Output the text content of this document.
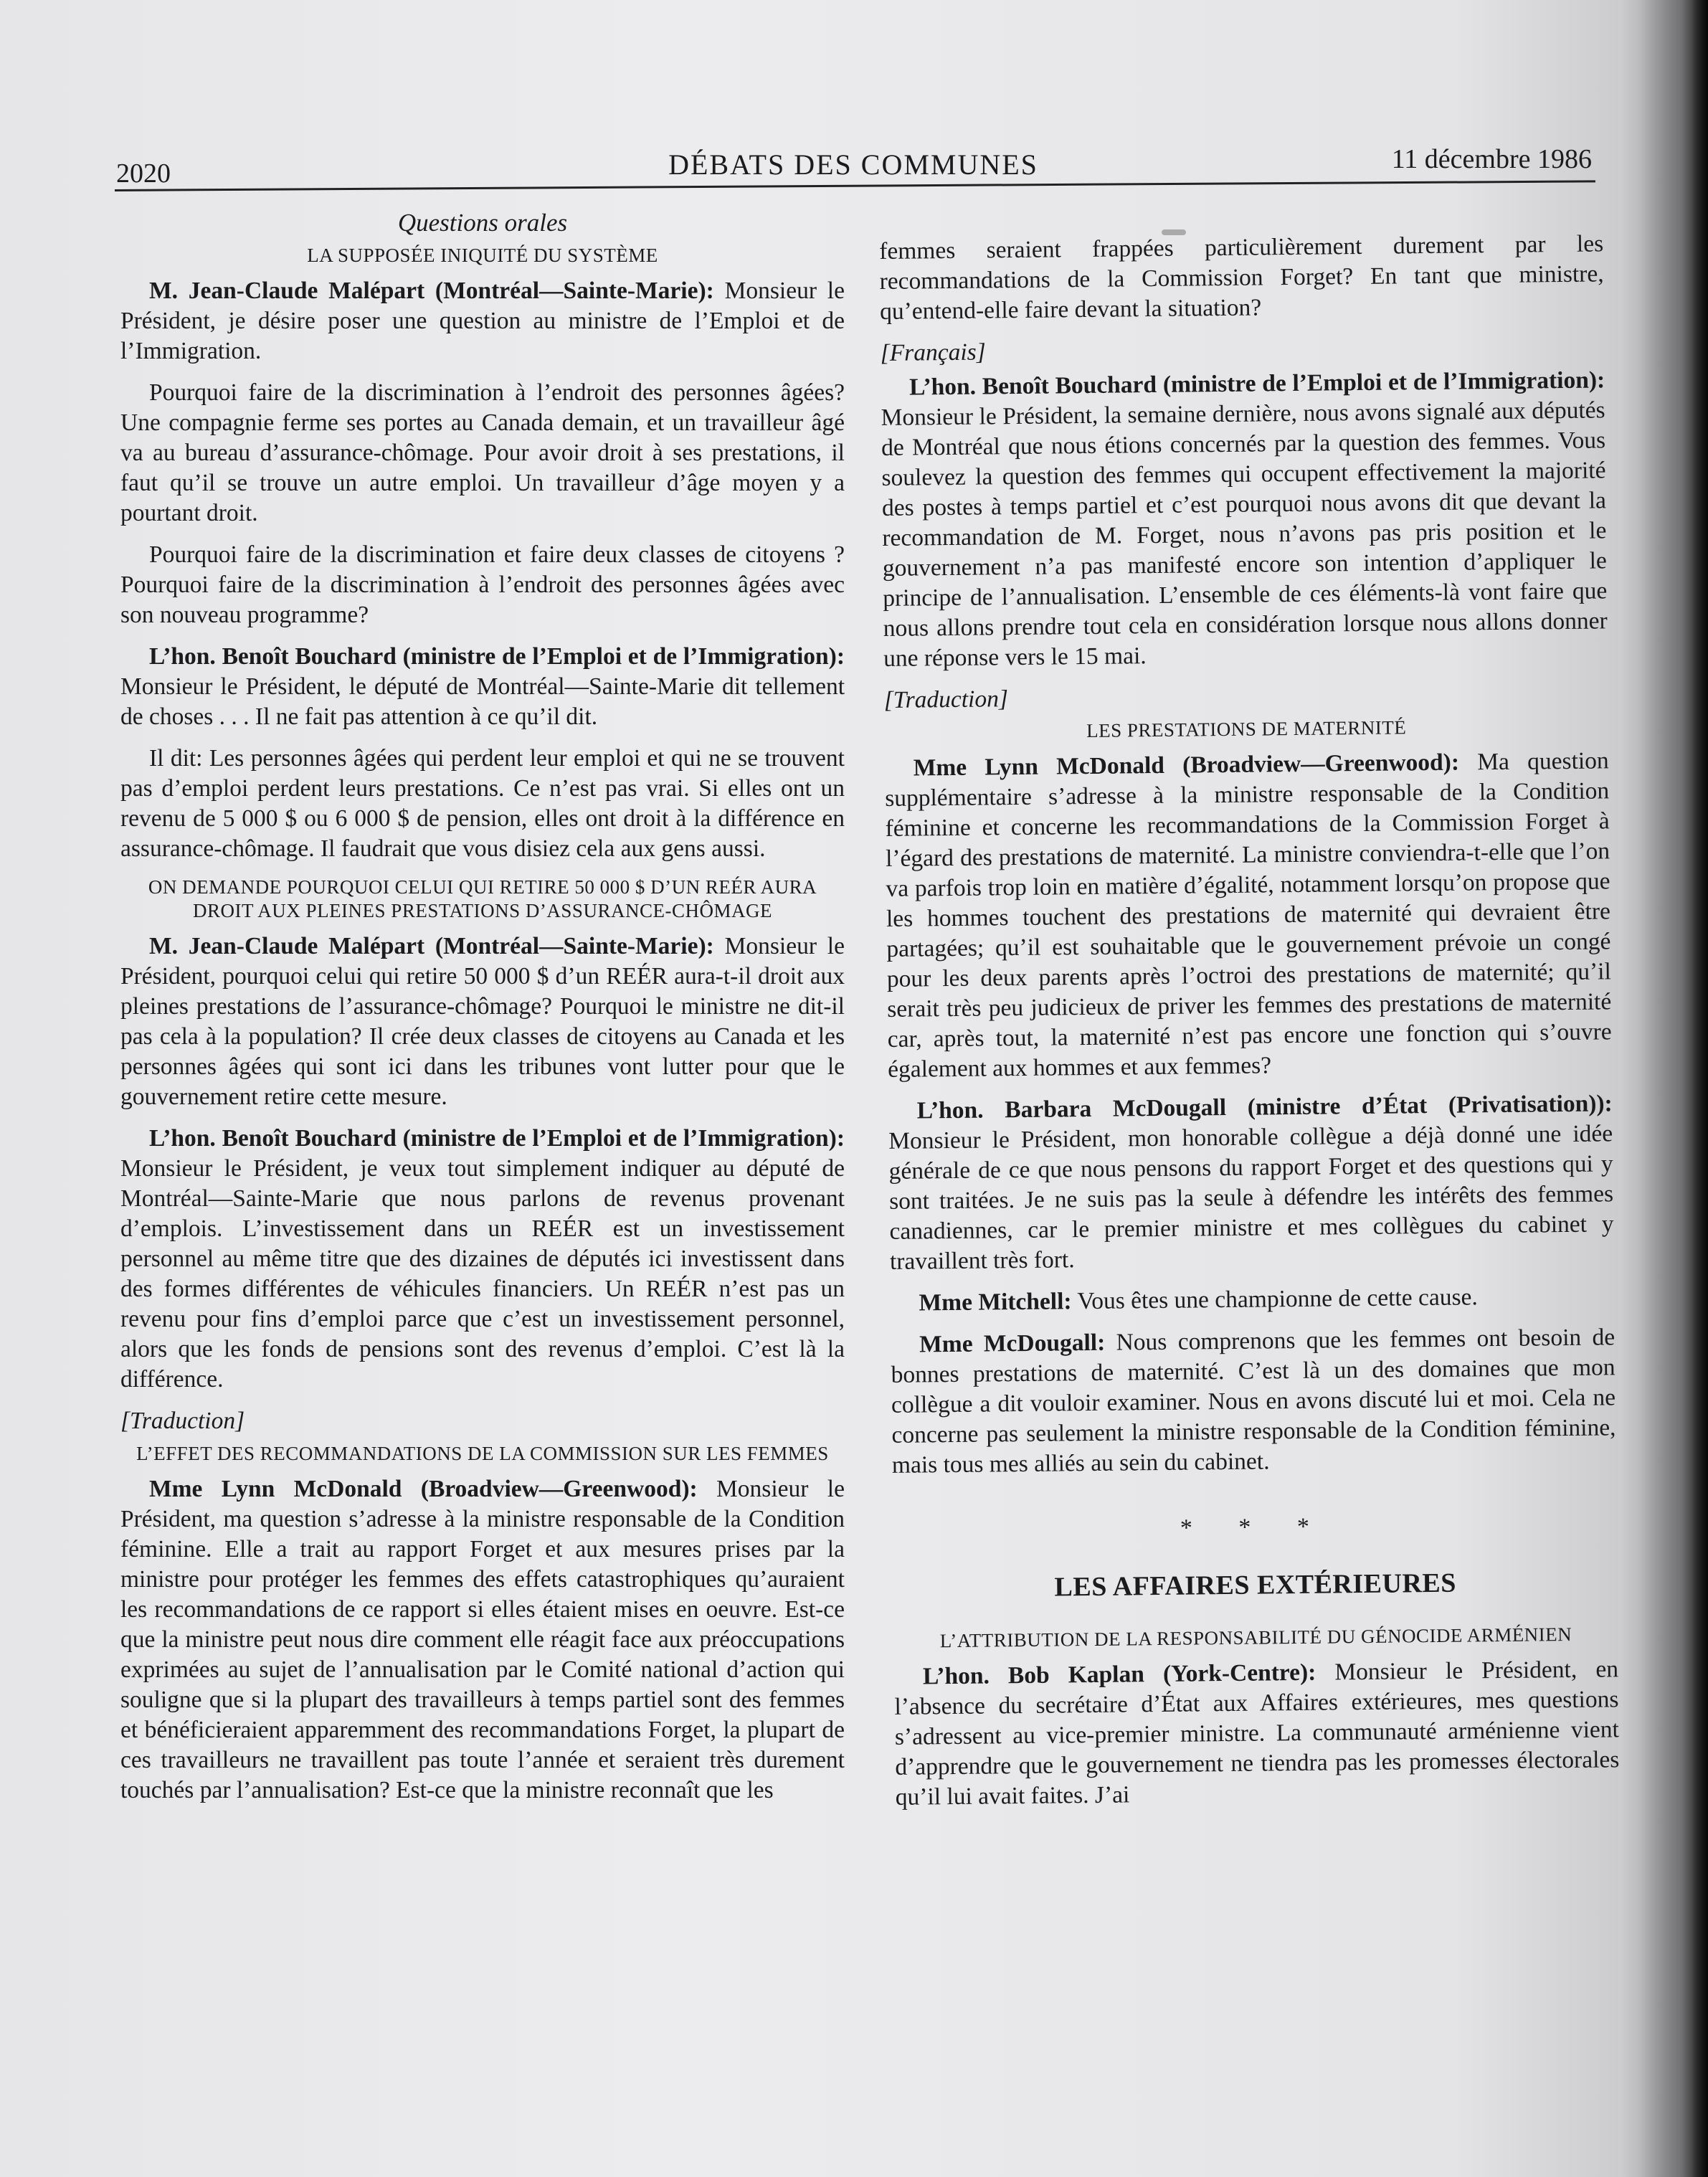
2020	DÉBATS DES COMMUNES	11 décembre 1986
Questions orales
LA SUPPOSÉE INIQUITÉ DU SYSTÈME

M. Jean-Claude Malépart (Montréal—Sainte-Marie): Monsieur le Président, je désire poser une question au ministre de l’Emploi et de l’Immigration.

Pourquoi faire de la discrimination à l’endroit des personnes âgées? Une compagnie ferme ses portes au Canada demain, et un travailleur âgé va au bureau d’assurance-chômage. Pour avoir droit à ses prestations, il faut qu’il se trouve un autre emploi. Un travailleur d’âge moyen y a pourtant droit.

Pourquoi faire de la discrimination et faire deux classes de citoyens ? Pourquoi faire de la discrimination à l’endroit des personnes âgées avec son nouveau programme?

L’hon. Benoît Bouchard (ministre de l’Emploi et de l’Immigration): Monsieur le Président, le député de Montréal—Sainte-Marie dit tellement de choses . . . Il ne fait pas attention à ce qu’il dit.

Il dit: Les personnes âgées qui perdent leur emploi et qui ne se trouvent pas d’emploi perdent leurs prestations. Ce n’est pas vrai. Si elles ont un revenu de 5 000 $ ou 6 000 $ de pension, elles ont droit à la différence en assurance-chômage. Il faudrait que vous disiez cela aux gens aussi.

ON DEMANDE POURQUOI CELUI QUI RETIRE 50 000 $ D’UN REÉR AURA DROIT AUX PLEINES PRESTATIONS D’ASSURANCE-CHÔMAGE

M. Jean-Claude Malépart (Montréal—Sainte-Marie): Monsieur le Président, pourquoi celui qui retire 50 000 $ d’un REÉR aura-t-il droit aux pleines prestations de l’assurance-chômage? Pourquoi le ministre ne dit-il pas cela à la population? Il crée deux classes de citoyens au Canada et les personnes âgées qui sont ici dans les tribunes vont lutter pour que le gouvernement retire cette mesure.

L’hon. Benoît Bouchard (ministre de l’Emploi et de l’Immigration): Monsieur le Président, je veux tout simplement indiquer au député de Montréal—Sainte-Marie que nous parlons de revenus provenant d’emplois. L’investissement dans un REÉR est un investissement personnel au même titre que des dizaines de députés ici investissent dans des formes différentes de véhicules financiers. Un REÉR n’est pas un revenu pour fins d’emploi parce que c’est un investissement personnel, alors que les fonds de pensions sont des revenus d’emploi. C’est là la différence.

[Traduction]
L’EFFET DES RECOMMANDATIONS DE LA COMMISSION SUR LES FEMMES

Mme Lynn McDonald (Broadview—Greenwood): Monsieur le Président, ma question s’adresse à la ministre responsable de la Condition féminine. Elle a trait au rapport Forget et aux mesures prises par la ministre pour protéger les femmes des effets catastrophiques qu’auraient les recommandations de ce rapport si elles étaient mises en oeuvre. Est-ce que la ministre peut nous dire comment elle réagit face aux préoccupations exprimées au sujet de l’annualisation par le Comité national d’action qui souligne que si la plupart des travailleurs à temps partiel sont des femmes et bénéficieraient apparemment des recommandations Forget, la plupart de ces travailleurs ne travaillent pas toute l’année et seraient très durement touchés par l’annualisation? Est-ce que la ministre reconnaît que les

femmes seraient frappées particulièrement durement par les recommandations de la Commission Forget? En tant que ministre, qu’entend-elle faire devant la situation?

[Français]

L’hon. Benoît Bouchard (ministre de l’Emploi et de l’Immigration): Monsieur le Président, la semaine dernière, nous avons signalé aux députés de Montréal que nous étions concernés par la question des femmes. Vous soulevez la question des femmes qui occupent effectivement la majorité des postes à temps partiel et c’est pourquoi nous avons dit que devant la recommandation de M. Forget, nous n’avons pas pris position et le gouvernement n’a pas manifesté encore son intention d’appliquer le principe de l’annualisation. L’ensemble de ces éléments-là vont faire que nous allons prendre tout cela en considération lorsque nous allons donner une réponse vers le 15 mai.

[Traduction]
LES PRESTATIONS DE MATERNITÉ

Mme Lynn McDonald (Broadview—Greenwood): Ma question supplémentaire s’adresse à la ministre responsable de la Condition féminine et concerne les recommandations de la Commission Forget à l’égard des prestations de maternité. La ministre conviendra-t-elle que l’on va parfois trop loin en matière d’égalité, notamment lorsqu’on propose que les hommes touchent des prestations de maternité qui devraient être partagées; qu’il est souhaitable que le gouvernement prévoie un congé pour les deux parents après l’octroi des prestations de maternité; qu’il serait très peu judicieux de priver les femmes des prestations de maternité car, après tout, la maternité n’est pas encore une fonction qui s’ouvre également aux hommes et aux femmes?

L’hon. Barbara McDougall (ministre d’État (Privatisation)): Monsieur le Président, mon honorable collègue a déjà donné une idée générale de ce que nous pensons du rapport Forget et des questions qui y sont traitées. Je ne suis pas la seule à défendre les intérêts des femmes canadiennes, car le premier ministre et mes collègues du cabinet y travaillent très fort.

Mme Mitchell: Vous êtes une championne de cette cause.

Mme McDougall: Nous comprenons que les femmes ont besoin de bonnes prestations de maternité. C’est là un des domaines que mon collègue a dit vouloir examiner. Nous en avons discuté lui et moi. Cela ne concerne pas seulement la ministre responsable de la Condition féminine, mais tous mes alliés au sein du cabinet.

* * *
LES AFFAIRES EXTÉRIEURES
L’ATTRIBUTION DE LA RESPONSABILITÉ DU GÉNOCIDE ARMÉNIEN

L’hon. Bob Kaplan (York-Centre): Monsieur le Président, en l’absence du secrétaire d’État aux Affaires extérieures, mes questions s’adressent au vice-premier ministre. La communauté arménienne vient d’apprendre que le gouvernement ne tiendra pas les promesses électorales qu’il lui avait faites. J’ai
